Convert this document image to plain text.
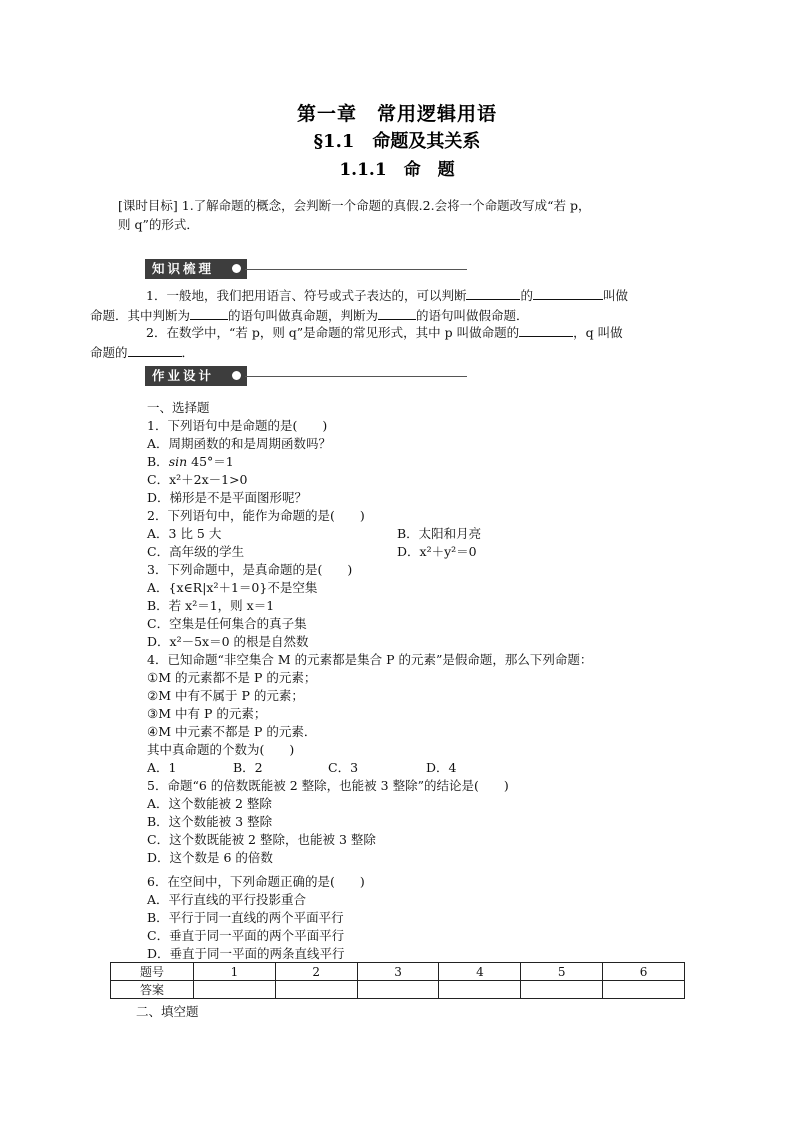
第一章　常用逻辑用语
§1.1　命题及其关系
1.1.1　命　题
[课时目标] 1.了解命题的概念，会判断一个命题的真假.2.会将一个命题改写成“若 p，
则 q”的形式．
知识梳理
1．一般地，我们把用语言、符号或式子表达的，可以判断	的	叫做
命题．其中判断为	的语句叫做真命题，判断为	的语句叫做假命题．
2．在数学中，“若 p，则 q”是命题的常见形式，其中 p 叫做命题的	，q 叫做
命题的	．
作业设计
一、选择题
1．下列语句中是命题的是(　　)
A．周期函数的和是周期函数吗？
B．sin 45°＝1
C．x²＋2x－1>0
D．梯形是不是平面图形呢？
2．下列语句中，能作为命题的是(　　)
A．3 比 5 大	B．太阳和月亮
C．高年级的学生	D．x²＋y²＝0
3．下列命题中，是真命题的是(　　)
A．{x∈R|x²＋1＝0}不是空集
B．若 x²＝1，则 x＝1
C．空集是任何集合的真子集
D．x²－5x＝0 的根是自然数
4．已知命题“非空集合 M 的元素都是集合 P 的元素”是假命题，那么下列命题：
①M 的元素都不是 P 的元素；
②M 中有不属于 P 的元素；
③M 中有 P 的元素；
④M 中元素不都是 P 的元素．
其中真命题的个数为(　　)
A．1	B．2	C．3	D．4
5．命题“6 的倍数既能被 2 整除，也能被 3 整除”的结论是(　　)
A．这个数能被 2 整除
B．这个数能被 3 整除
C．这个数既能被 2 整除，也能被 3 整除
D．这个数是 6 的倍数
6．在空间中，下列命题正确的是(　　)
A．平行直线的平行投影重合
B．平行于同一直线的两个平面平行
C．垂直于同一平面的两个平面平行
D．垂直于同一平面的两条直线平行
题号	1	2	3	4	5	6
答案						
二、填空题
